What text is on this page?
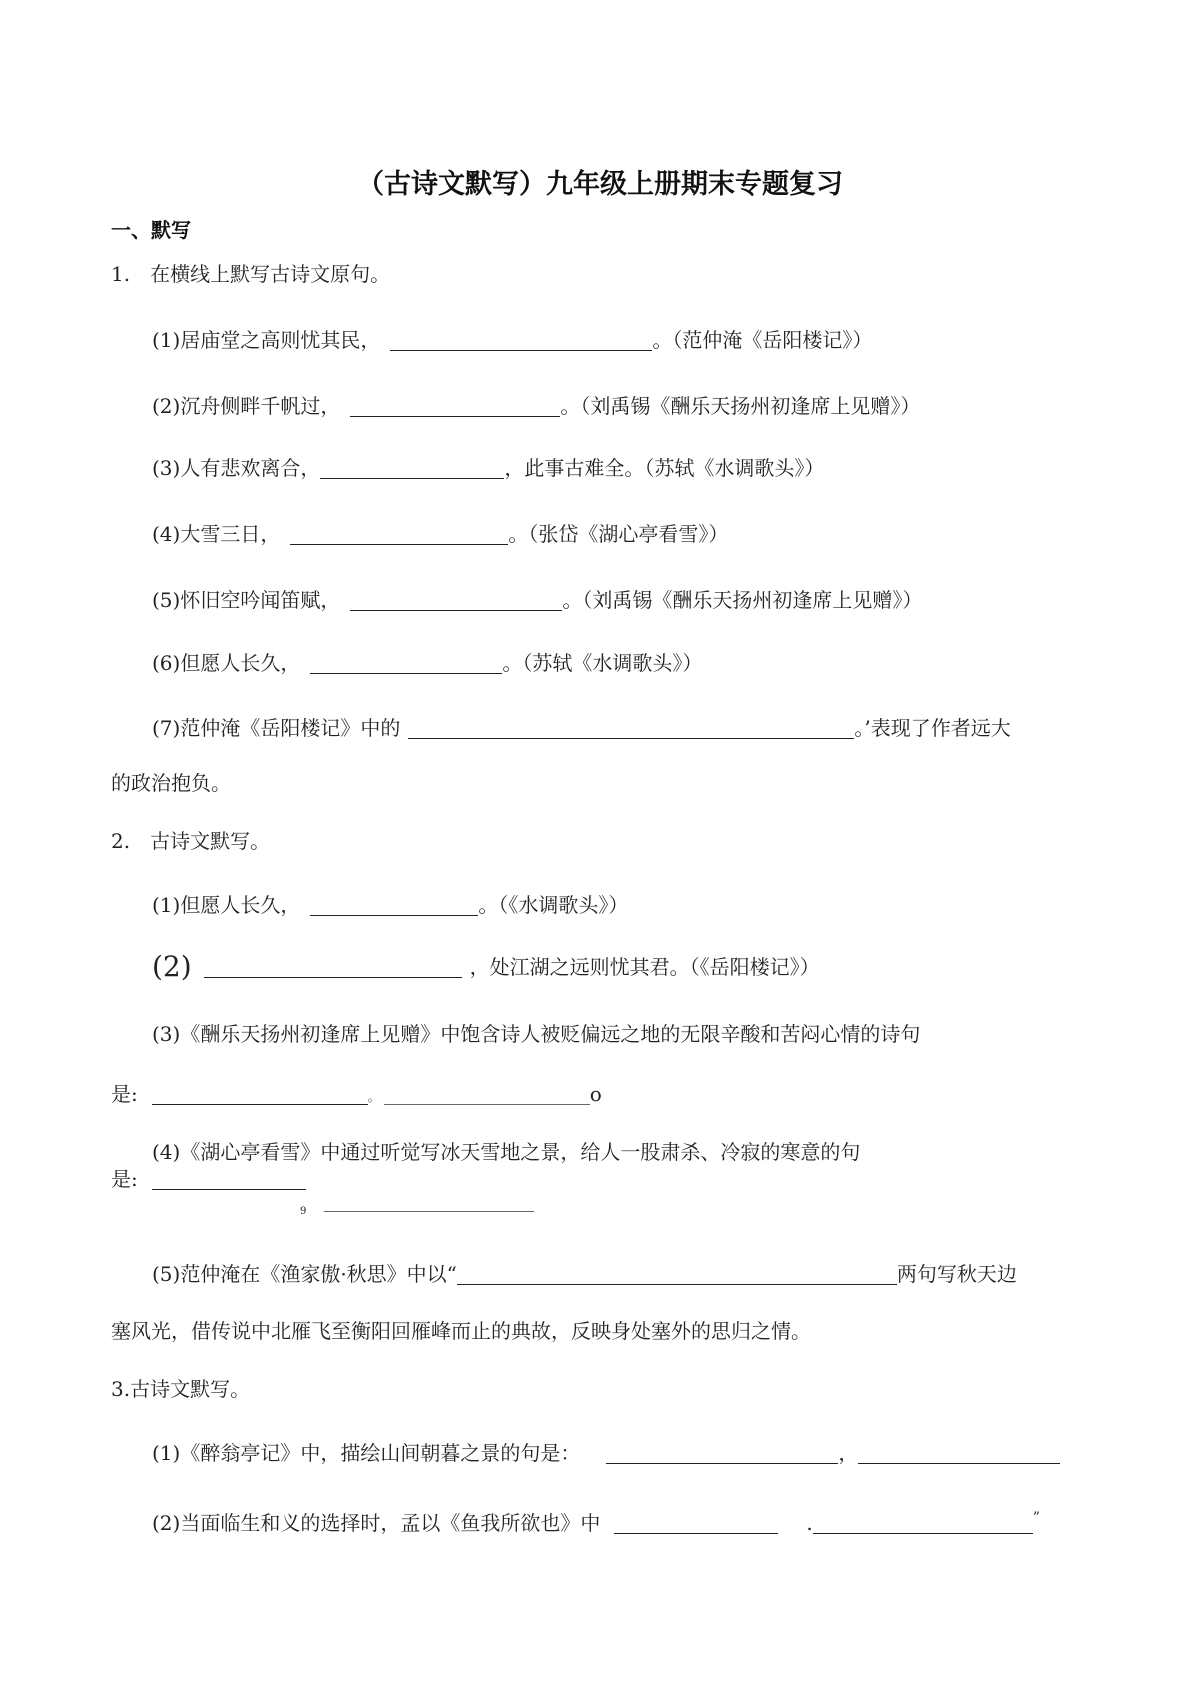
（古诗文默写）九年级上册期末专题复习
一、默写
1.　在横线上默写古诗文原句。
(1)居庙堂之高则忧其民，	。（范仲淹《岳阳楼记》）
(2)沉舟侧畔千帆过，	。（刘禹锡《酬乐天扬州初逢席上见赠》）
(3)人有悲欢离合，	，此事古难全。（苏轼《水调歌头》）
(4)大雪三日，	。（张岱《湖心亭看雪》）
(5)怀旧空吟闻笛赋，	。（刘禹锡《酬乐天扬州初逢席上见赠》）
(6)但愿人长久，	。（苏轼《水调歌头》）
(7)范仲淹《岳阳楼记》中的	。’表现了作者远大
的政治抱负。
2.　古诗文默写。
(1)但愿人长久，	。（《水调歌头》）
(2)	，处江湖之远则忧其君。（《岳阳楼记》）
(3)《酬乐天扬州初逢席上见赠》中饱含诗人被贬偏远之地的无限辛酸和苦闷心情的诗句
是:	。	o
(4)《湖心亭看雪》中通过听觉写冰天雪地之景，给人一股肃杀、冷寂的寒意的句
是:
9
(5)范仲淹在《渔家傲·秋思》中以“	两句写秋天边
塞风光，借传说中北雁飞至衡阳回雁峰而止的典故，反映身处塞外的思归之情。
3.古诗文默写。
(1)《醉翁亭记》中，描绘山间朝暮之景的句是：	，
(2)当面临生和义的选择时，孟以《鱼我所欲也》中	.	”
